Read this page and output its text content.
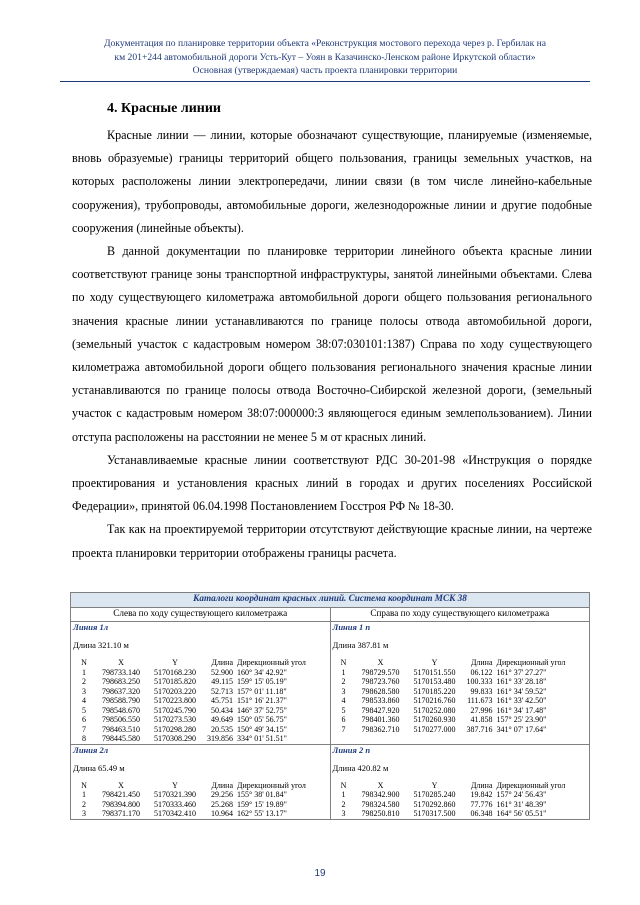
Документация по планировке территории объекта «Реконструкция мостового перехода через р. Гербилак на
км 201+244 автомобильной дороги Усть-Кут – Уоян в Казачинско-Ленском районе Иркутской области»
Основная (утверждаемая) часть проекта планировки территории
4. Красные линии

Красные линии — линии, которые обозначают существующие, планируемые (изменяемые, вновь образуемые) границы территорий общего пользования, границы земельных участков, на которых расположены линии электропередачи, линии связи (в том числе линейно-кабельные сооружения), трубопроводы, автомобильные дороги, железнодорожные линии и другие подобные сооружения (линейные объекты).

В данной документации по планировке территории линейного объекта красные линии соответствуют границе зоны транспортной инфраструктуры, занятой линейными объектами. Слева по ходу существующего километража автомобильной дороги общего пользования регионального значения красные линии устанавливаются по границе полосы отвода автомобильной дороги, (земельный участок с кадастровым номером 38:07:030101:1387) Справа по ходу существующего километража автомобильной дороги общего пользования регионального значения красные линии устанавливаются по границе полосы отвода Восточно-Сибирской железной дороги, (земельный участок с кадастровым номером 38:07:000000:3 являющегося единым землепользованием). Линии отступа расположены на расстоянии не менее 5 м от красных линий.

Устанавливаемые красные линии соответствуют РДС 30-201-98 «Инструкция о порядке проектирования и установления красных линий в городах и других поселениях Российской Федерации», принятой 06.04.1998 Постановлением Госстроя РФ № 18-30.

Так как на проектируемой территории отсутствуют действующие красные линии, на чертеже проекта планировки территории отображены границы расчета.

Каталоги координат красных линий. Система координат МСК 38
Слева по ходу существующего километража	Справа по ходу существующего километража

Линия 1л
Длина 321.10 м
N	X	Y	Длина	Дирекционный угол
1	798733.140	5170168.230	52.900	160° 34' 42.92"
2	798683.250	5170185.820	49.115	159° 15' 05.19"
3	798637.320	5170203.220	52.713	157° 01' 11.18"
4	798588.790	5170223.800	45.751	151° 16' 21.37"
5	798548.670	5170245.790	50.434	146° 37' 52.75"
6	798506.550	5170273.530	49.649	150° 05' 56.75"
7	798463.510	5170298.280	20.535	150° 49' 34.15"
8	798445.580	5170308.290	319.856	334° 01' 51.51"

Линия 1 п
Длина 387.81 м
N	X	Y	Длина	Дирекционный угол
1	798729.570	5170151.550	06.122	161° 37' 27.27"
2	798723.760	5170153.480	100.333	161° 33' 28.18"
3	798628.580	5170185.220	99.833	161° 34' 59.52"
4	798533.860	5170216.760	111.673	161° 33' 42.50"
5	798427.920	5170252.080	27.996	161° 34' 17.48"
6	798401.360	5170260.930	41.858	157° 25' 23.90"
7	798362.710	5170277.000	387.716	341° 07' 17.64"

Линия 2л
Длина 65.49 м
N	X	Y	Длина	Дирекционный угол
1	798421.450	5170321.390	29.256	155° 38' 01.84"
2	798394.800	5170333.460	25.268	159° 15' 19.89"
3	798371.170	5170342.410	10.964	162° 55' 13.17"

Линия 2 п
Длина 420.82 м
N	X	Y	Длина	Дирекционный угол
1	798342.900	5170285.240	19.842	157° 24' 56.43"
2	798324.580	5170292.860	77.776	161° 31' 48.39"
3	798250.810	5170317.500	06.348	164° 56' 05.51"
19
